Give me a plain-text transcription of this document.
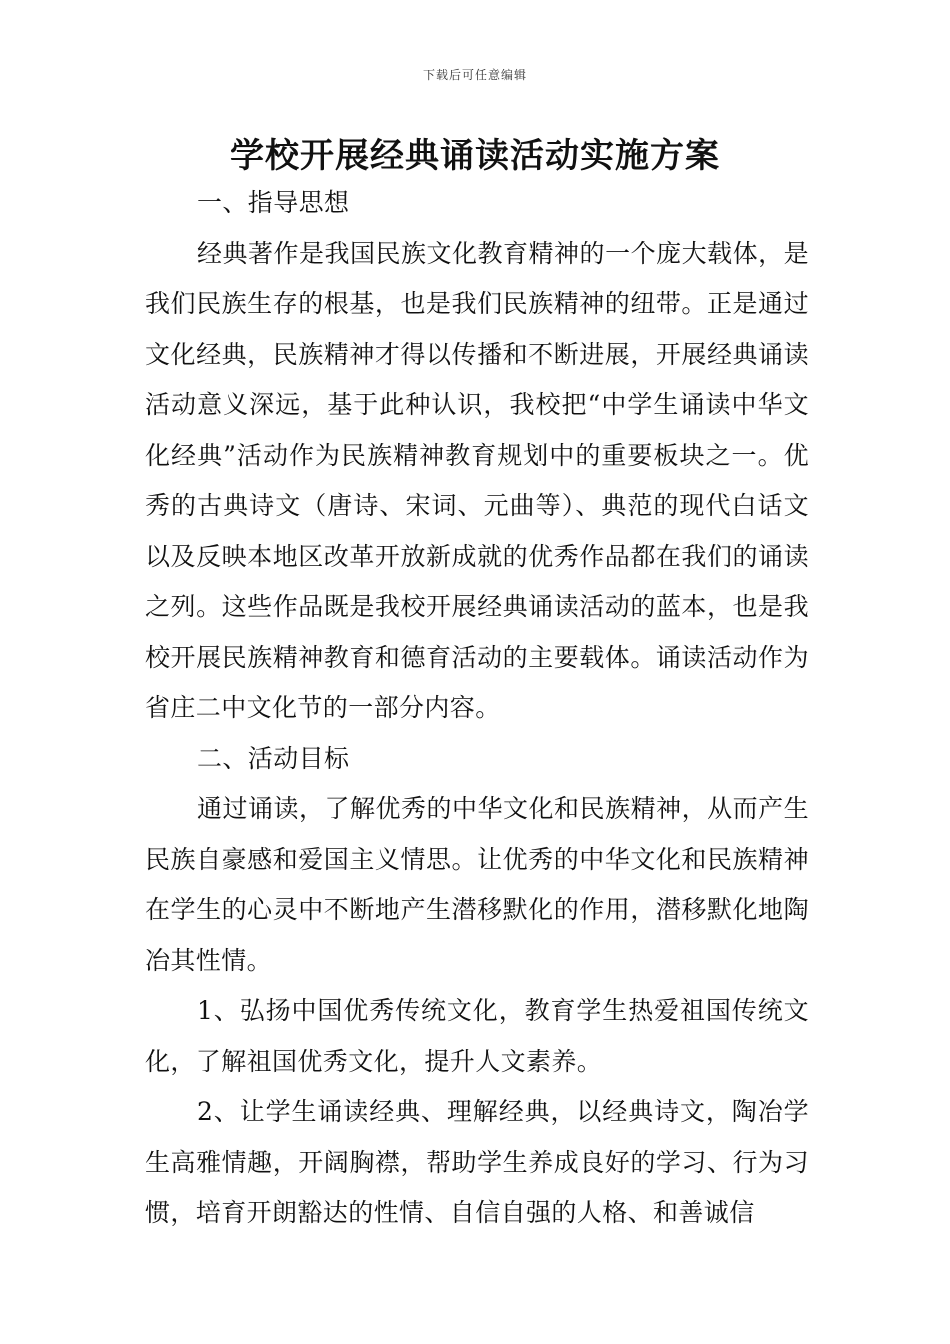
下载后可任意编辑
学校开展经典诵读活动实施方案

一、指导思想

经典著作是我国民族文化教育精神的一个庞大载体，是我们民族生存的根基，也是我们民族精神的纽带。正是通过文化经典，民族精神才得以传播和不断进展，开展经典诵读活动意义深远，基于此种认识，我校把“中学生诵读中华文化经典”活动作为民族精神教育规划中的重要板块之一。优秀的古典诗文（唐诗、宋词、元曲等）、典范的现代白话文以及反映本地区改革开放新成就的优秀作品都在我们的诵读之列。这些作品既是我校开展经典诵读活动的蓝本，也是我校开展民族精神教育和德育活动的主要载体。诵读活动作为省庄二中文化节的一部分内容。

二、活动目标

通过诵读，了解优秀的中华文化和民族精神，从而产生民族自豪感和爱国主义情思。让优秀的中华文化和民族精神在学生的心灵中不断地产生潜移默化的作用，潜移默化地陶冶其性情。

1、弘扬中国优秀传统文化，教育学生热爱祖国传统文化，了解祖国优秀文化，提升人文素养。

2、让学生诵读经典、理解经典，以经典诗文，陶冶学生高雅情趣，开阔胸襟，帮助学生养成良好的学习、行为习惯，培育开朗豁达的性情、自信自强的人格、和善诚信
